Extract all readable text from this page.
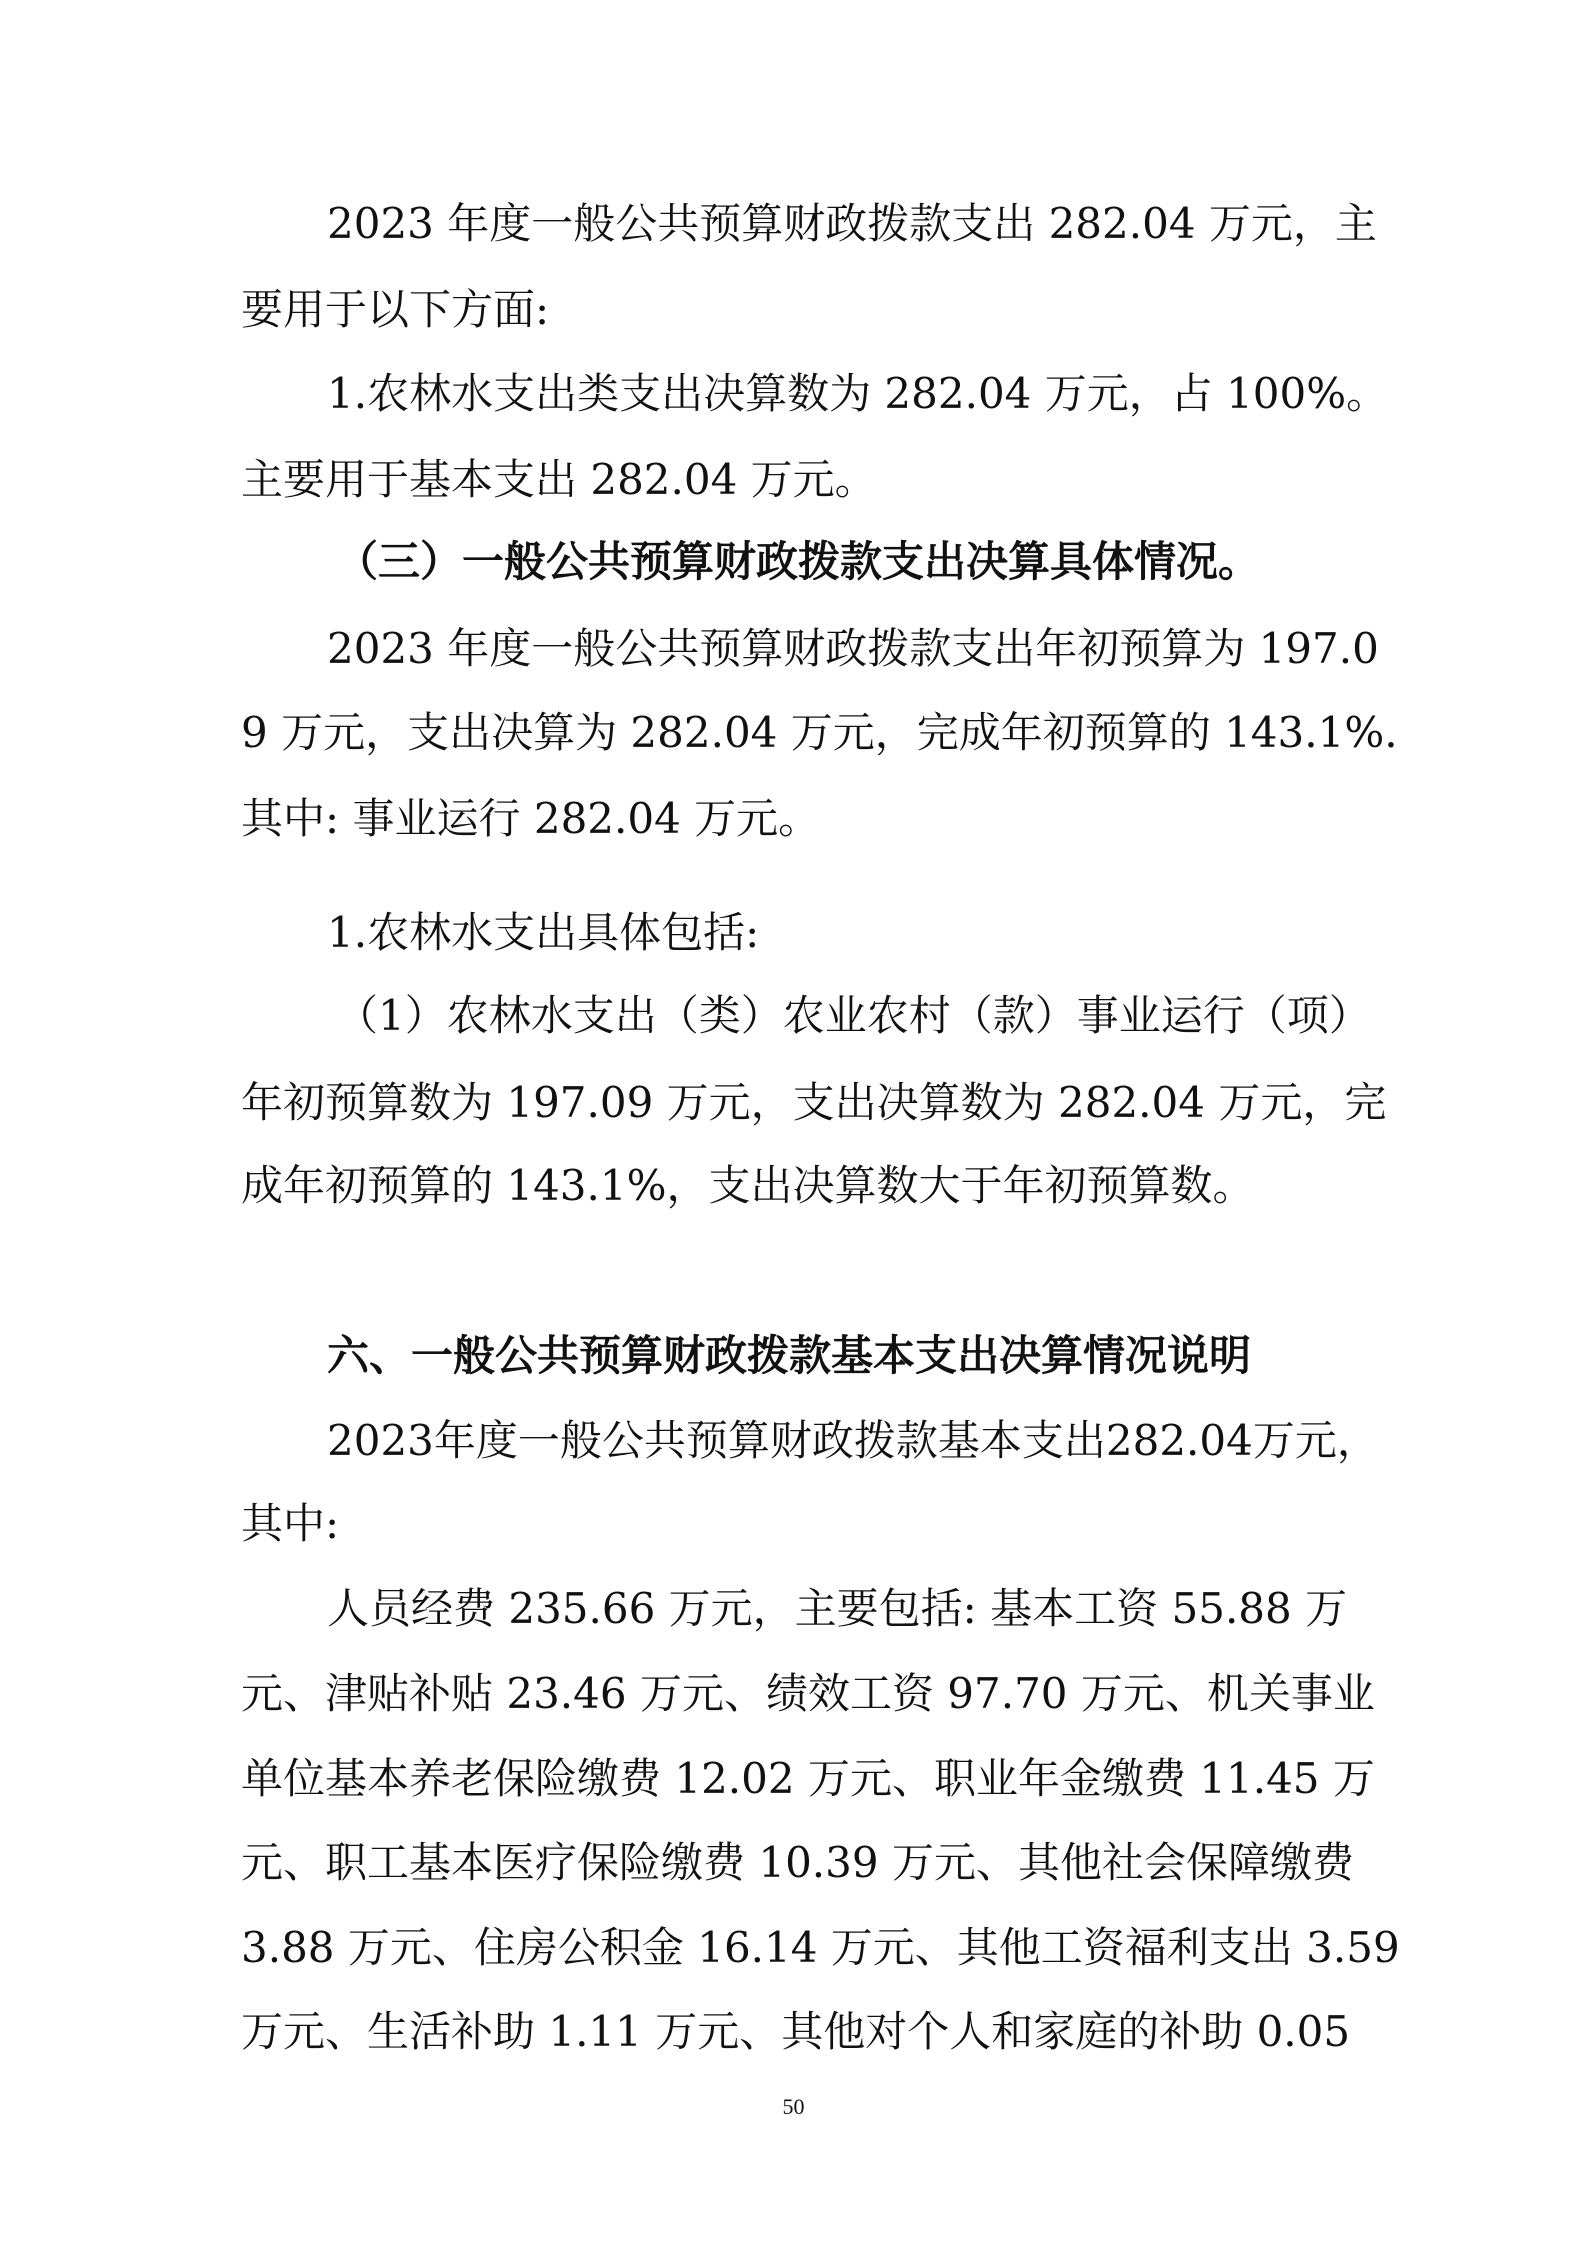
2023 年度一般公共预算财政拨款支出 282.04 万元，主
要用于以下方面:
1.农林水支出类支出决算数为 282.04 万元，占 100%。
主要用于基本支出 282.04 万元。
（三）一般公共预算财政拨款支出决算具体情况。
2023 年度一般公共预算财政拨款支出年初预算为 197.0
9 万元，支出决算为 282.04 万元，完成年初预算的 143.1%.
其中: 事业运行 282.04 万元。
1.农林水支出具体包括:
（1）农林水支出（类）农业农村（款）事业运行（项）
年初预算数为 197.09 万元，支出决算数为 282.04 万元，完
成年初预算的 143.1%，支出决算数大于年初预算数。
六、一般公共预算财政拨款基本支出决算情况说明
2023年度一般公共预算财政拨款基本支出282.04万元，
其中:
人员经费 235.66 万元，主要包括: 基本工资 55.88 万
元、津贴补贴 23.46 万元、绩效工资 97.70 万元、机关事业
单位基本养老保险缴费 12.02 万元、职业年金缴费 11.45 万
元、职工基本医疗保险缴费 10.39 万元、其他社会保障缴费
3.88 万元、住房公积金 16.14 万元、其他工资福利支出 3.59
万元、生活补助 1.11 万元、其他对个人和家庭的补助 0.05
50
